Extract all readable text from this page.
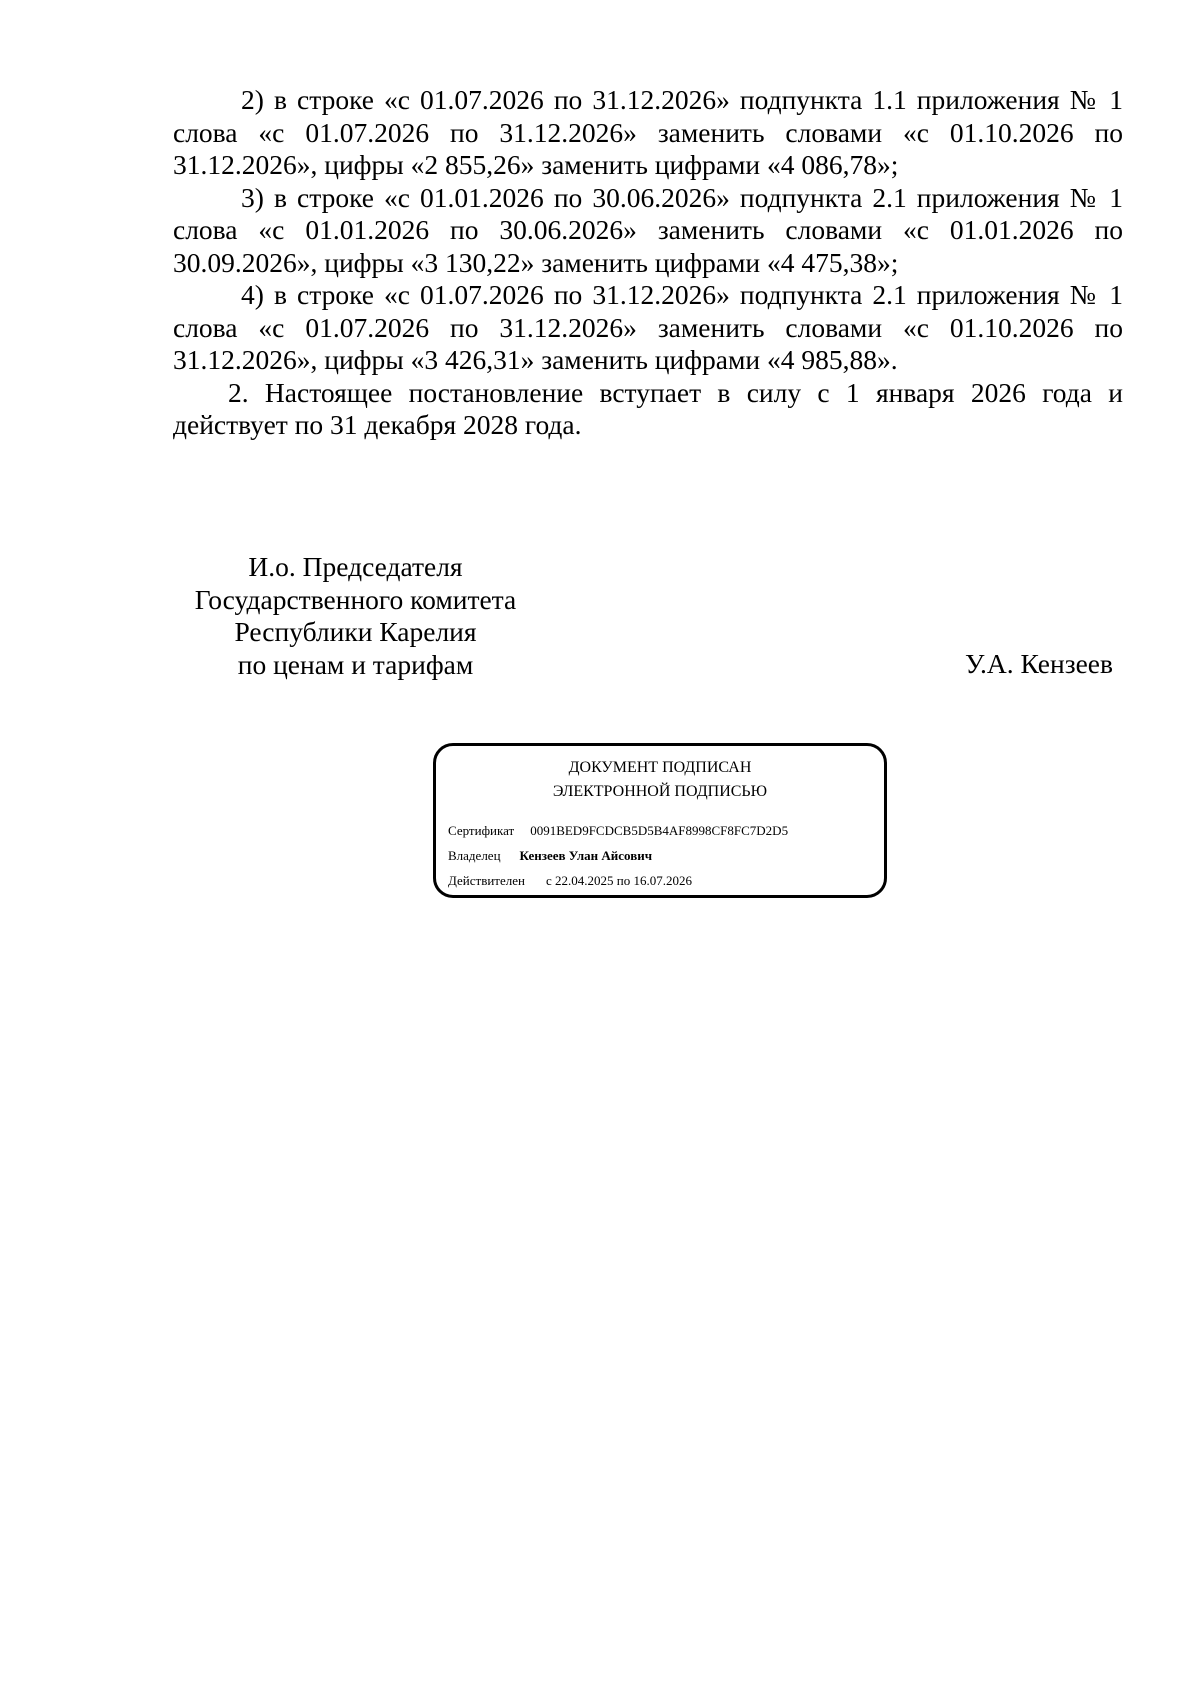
2) в строке «с 01.07.2026 по 31.12.2026» подпункта 1.1 приложения № 1 слова «с 01.07.2026 по 31.12.2026» заменить словами «с 01.10.2026 по 31.12.2026», цифры «2 855,26» заменить цифрами «4 086,78»;

3) в строке «с 01.01.2026 по 30.06.2026» подпункта 2.1 приложения № 1 слова «с 01.01.2026 по 30.06.2026» заменить словами «с 01.01.2026 по 30.09.2026», цифры «3 130,22» заменить цифрами «4 475,38»;

4) в строке «с 01.07.2026 по 31.12.2026» подпункта 2.1 приложения № 1 слова «с 01.07.2026 по 31.12.2026» заменить словами «с 01.10.2026 по 31.12.2026», цифры «3 426,31» заменить цифрами «4 985,88».

2. Настоящее постановление вступает в силу с 1 января 2026 года и действует по 31 декабря 2028 года.

И.о. Председателя
Государственного комитета
Республики Карелия
по ценам и тарифам	У.А. Кензеев
ДОКУМЕНТ ПОДПИСАН
ЭЛЕКТРОННОЙ ПОДПИСЬЮ
Сертификат 0091BED9FCDCB5D5B4AF8998CF8FC7D2D5
Владелец Кензеев Улан Айсович
Действителен с 22.04.2025 по 16.07.2026
